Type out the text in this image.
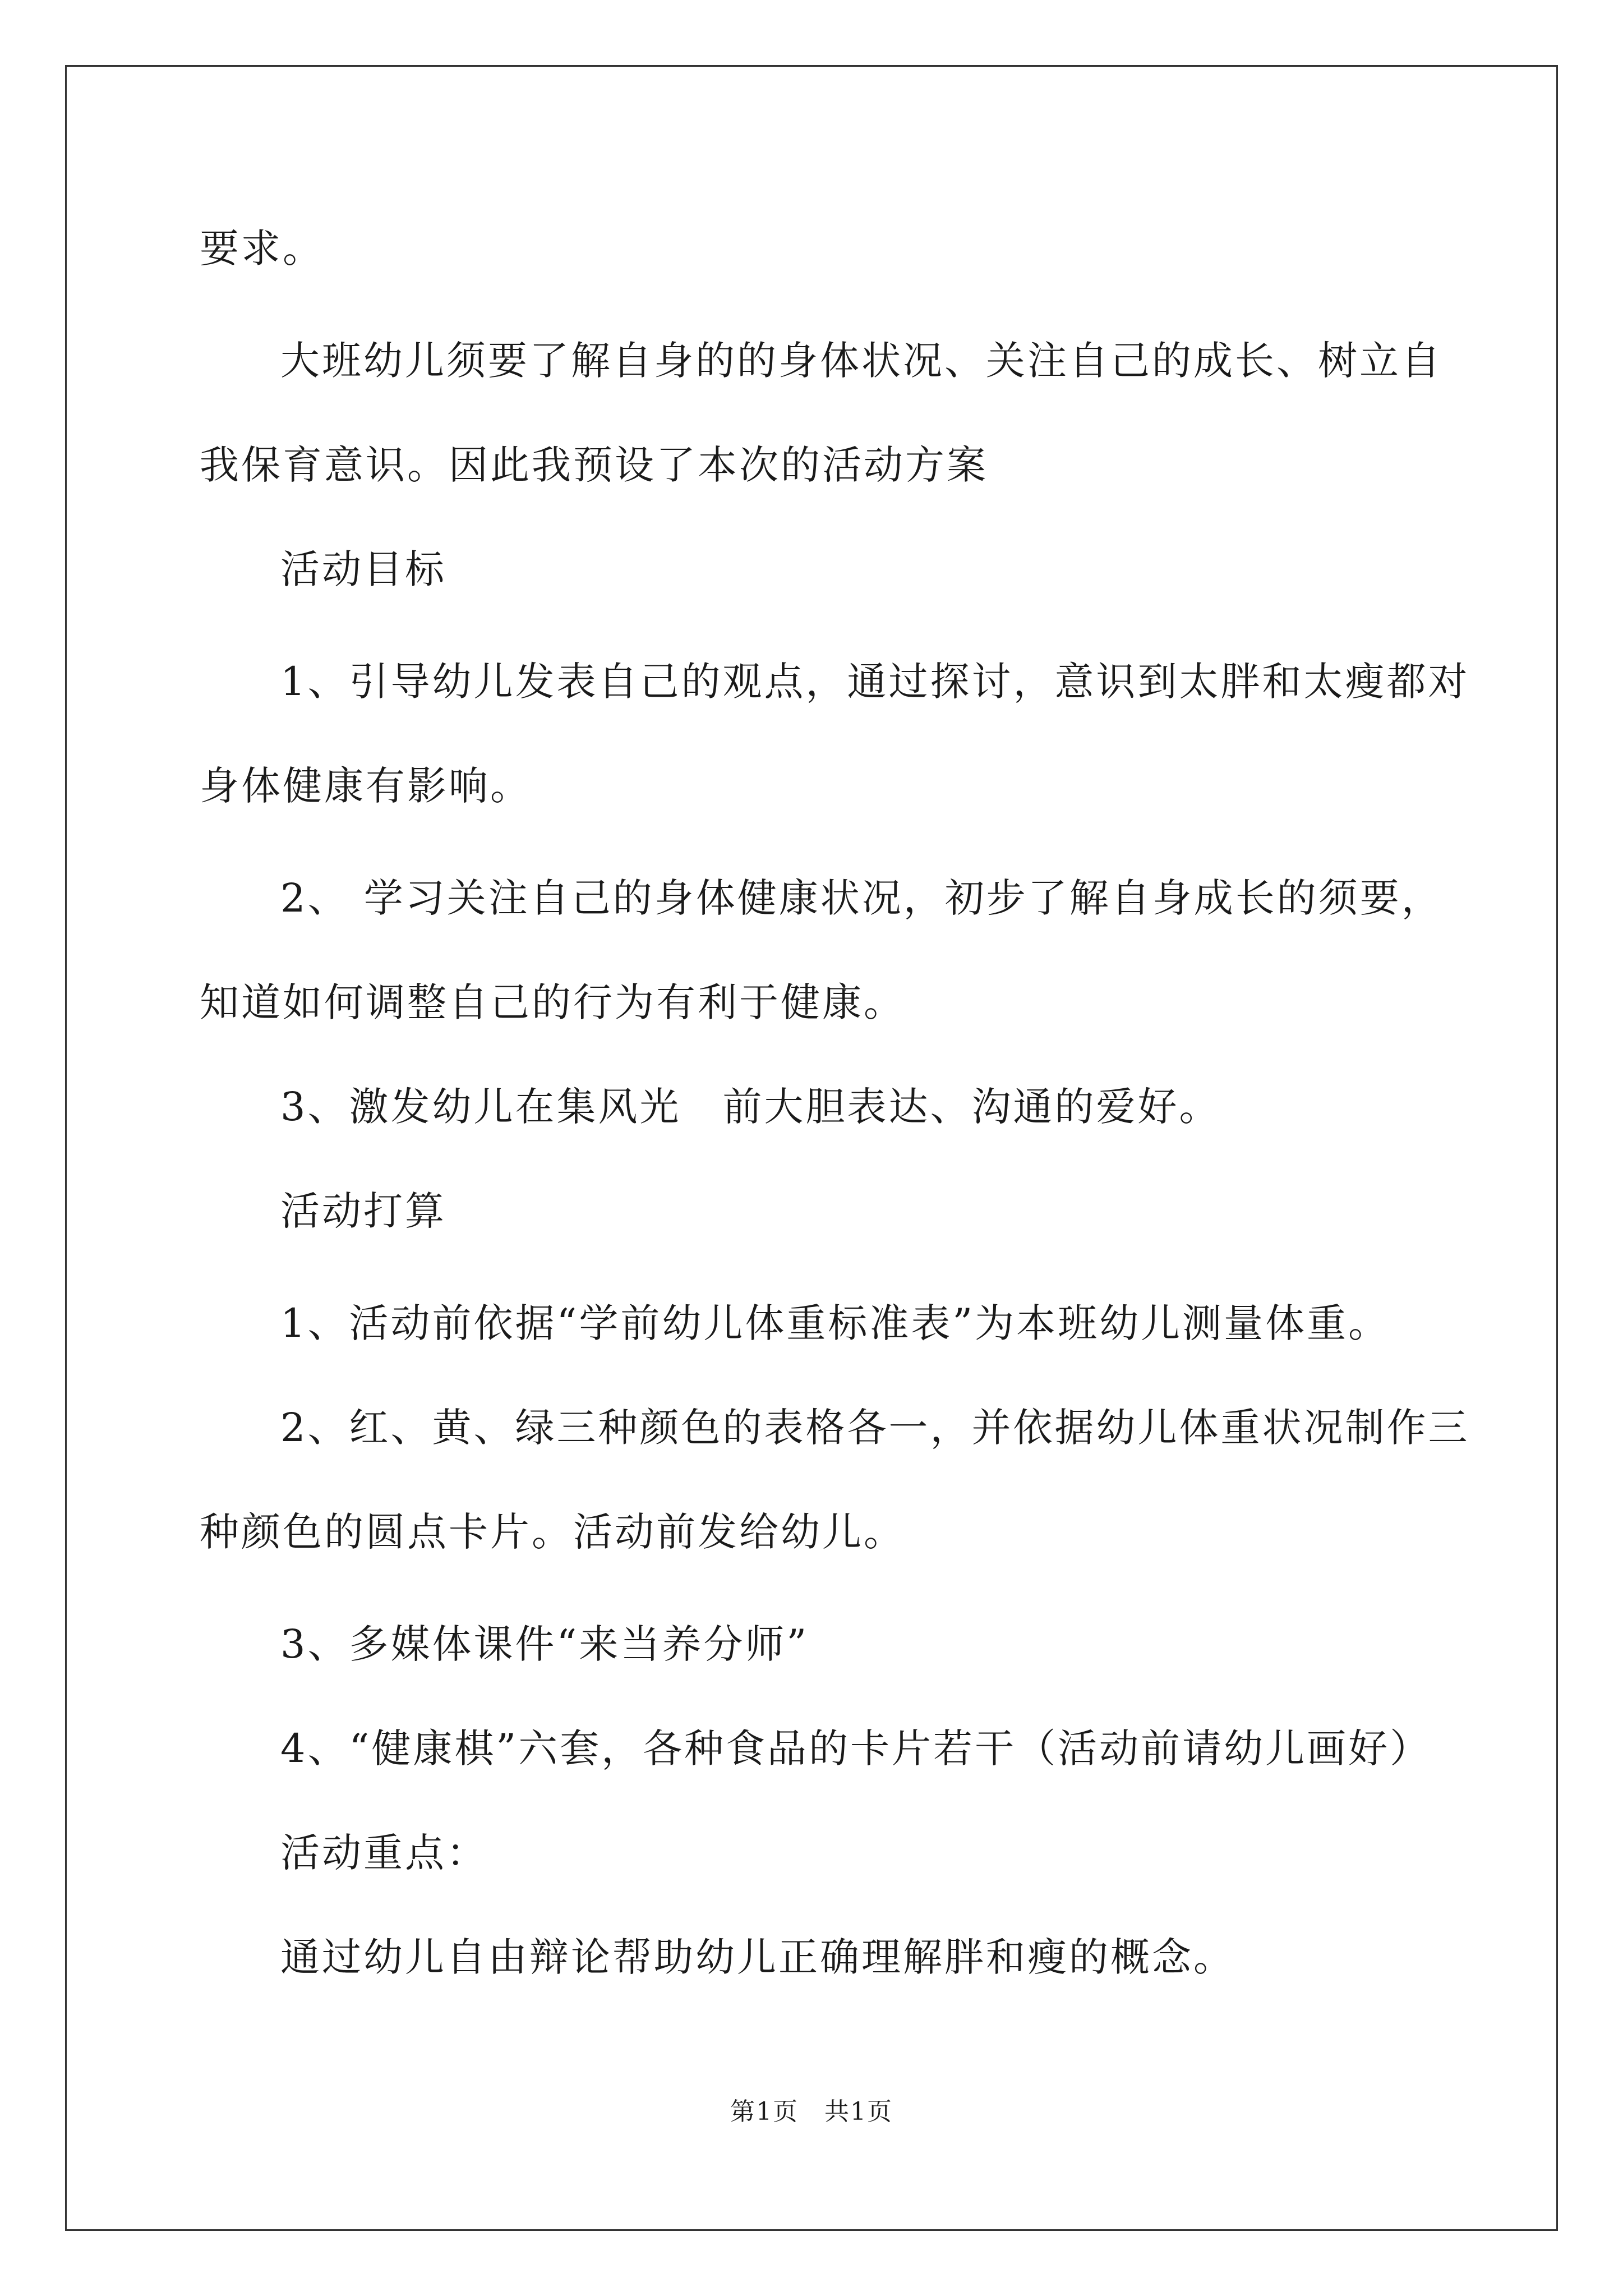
要求。
大班幼儿须要了解自身的的身体状况、关注自己的成长、树立自
我保育意识。因此我预设了本次的活动方案
活动目标
1、引导幼儿发表自己的观点，通过探讨，意识到太胖和太瘦都对
身体健康有影响。
2、 学习关注自己的身体健康状况，初步了解自身成长的须要，
知道如何调整自己的行为有利于健康。
3、激发幼儿在集风光　前大胆表达、沟通的爱好。
活动打算
1、活动前依据“学前幼儿体重标准表”为本班幼儿测量体重。
2、红、黄、绿三种颜色的表格各一，并依据幼儿体重状况制作三
种颜色的圆点卡片。活动前发给幼儿。
3、多媒体课件“来当养分师”
4、“健康棋”六套，各种食品的卡片若干（活动前请幼儿画好）
活动重点：
通过幼儿自由辩论帮助幼儿正确理解胖和瘦的概念。
第1页　共1页
